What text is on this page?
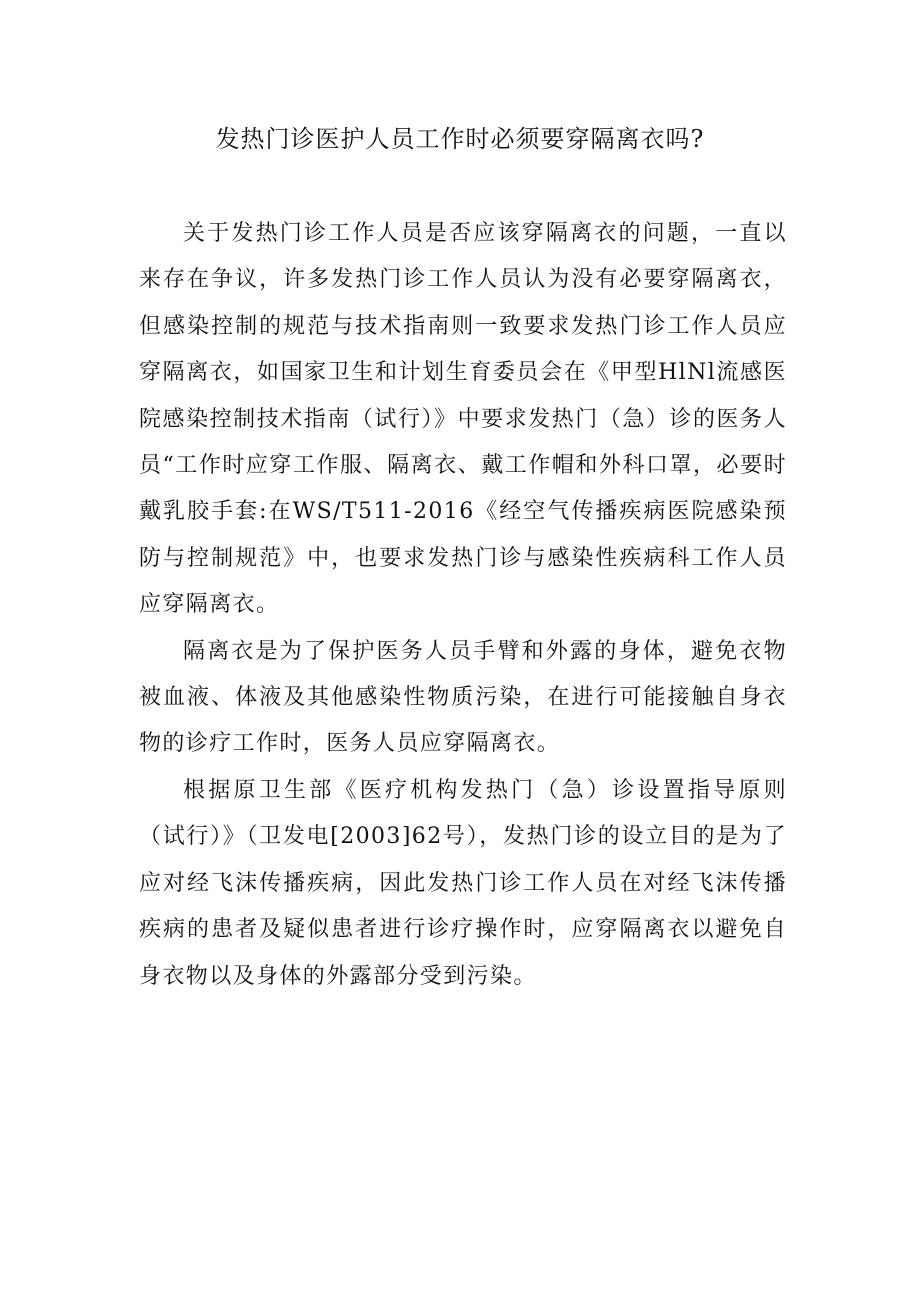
发热门诊医护人员工作时必须要穿隔离衣吗?

关于发热门诊工作人员是否应该穿隔离衣的问题，一直以来存在争议，许多发热门诊工作人员认为没有必要穿隔离衣，但感染控制的规范与技术指南则一致要求发热门诊工作人员应穿隔离衣，如国家卫生和计划生育委员会在《甲型HlNl流感医院感染控制技术指南（试行）》中要求发热门（急）诊的医务人员“工作时应穿工作服、隔离衣、戴工作帽和外科口罩，必要时戴乳胶手套:在WS/T511-2016《经空气传播疾病医院感染预防与控制规范》中，也要求发热门诊与感染性疾病科工作人员应穿隔离衣。

隔离衣是为了保护医务人员手臂和外露的身体，避免衣物被血液、体液及其他感染性物质污染，在进行可能接触自身衣物的诊疗工作时，医务人员应穿隔离衣。

根据原卫生部《医疗机构发热门（急）诊设置指导原则（试行）》（卫发电[2003]62号），发热门诊的设立目的是为了应对经飞沫传播疾病，因此发热门诊工作人员在对经飞沫传播疾病的患者及疑似患者进行诊疗操作时，应穿隔离衣以避免自身衣物以及身体的外露部分受到污染。
